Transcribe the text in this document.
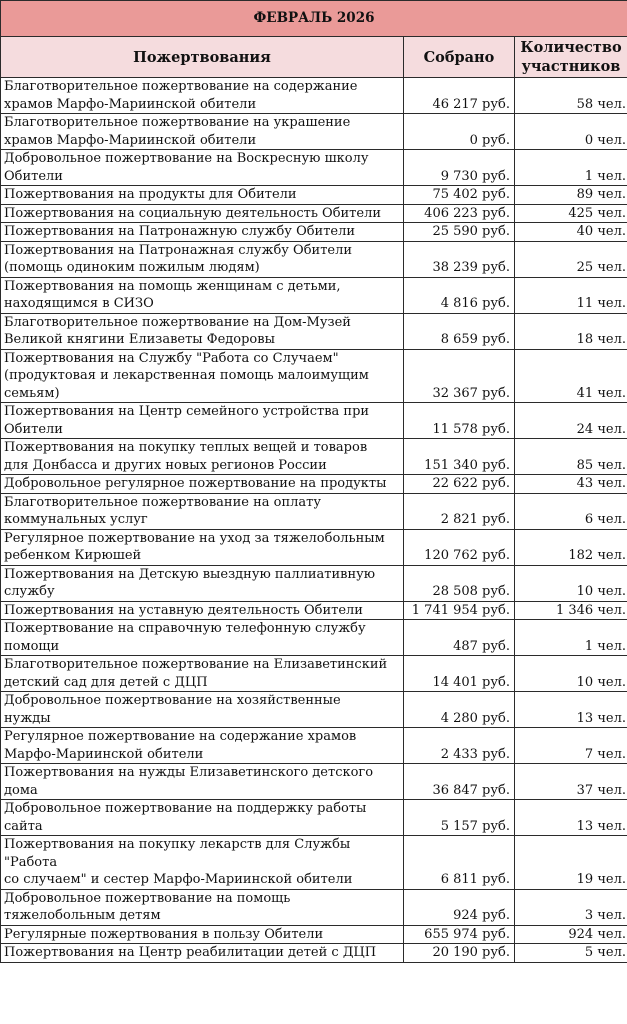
ФЕВРАЛЬ 2026		
Пожертвования	Собрано	Количество
участников
Благотворительное пожертвование на содержание
храмов Марфо-Мариинской обители	46 217 руб.	58 чел.
Благотворительное пожертвование на украшение
храмов Марфо-Мариинской обители	0 руб.	0 чел.
Добровольное пожертвование на Воскресную школу
Обители	9 730 руб.	1 чел.
Пожертвования на продукты для Обители	75 402 руб.	89 чел.
Пожертвования на социальную деятельность Обители	406 223 руб.	425 чел.
Пожертвования на Патронажную службу Обители	25 590 руб.	40 чел.
Пожертвования на Патронажная службу Обители
(помощь одиноким пожилым людям)	38 239 руб.	25 чел.
Пожертвования на помощь женщинам с детьми,
находящимся в СИЗО	4 816 руб.	11 чел.
Благотворительное пожертвование на Дом-Музей
Великой княгини Елизаветы Федоровы	8 659 руб.	18 чел.
Пожертвования на Службу "Работа со Случаем"
(продуктовая и лекарственная помощь малоимущим
семьям)	32 367 руб.	41 чел.
Пожертвования на Центр семейного устройства при
Обители	11 578 руб.	24 чел.
Пожертвования на покупку теплых вещей и товаров
для Донбасса и других новых регионов России	151 340 руб.	85 чел.
Добровольное регулярное пожертвование на продукты	22 622 руб.	43 чел.
Благотворительное пожертвование на оплату
коммунальных услуг	2 821 руб.	6 чел.
Регулярное пожертвование на уход за тяжелобольным
ребенком Кирюшей	120 762 руб.	182 чел.
Пожертвования на Детскую выездную паллиативную
службу	28 508 руб.	10 чел.
Пожертвования на уставную деятельность Обители	1 741 954 руб.	1 346 чел.
Пожертвование на справочную телефонную службу
помощи	487 руб.	1 чел.
Благотворительное пожертвование на Елизаветинский
детский сад для детей с ДЦП	14 401 руб.	10 чел.
Добровольное пожертвование на хозяйственные
нужды	4 280 руб.	13 чел.
Регулярное пожертвование на содержание храмов
Марфо-Мариинской обители	2 433 руб.	7 чел.
Пожертвования на нужды Елизаветинского детского
дома	36 847 руб.	37 чел.
Добровольное пожертвование на поддержку работы
сайта	5 157 руб.	13 чел.
Пожертвования на покупку лекарств для Службы
"Работа
со случаем" и сестер Марфо-Мариинской обители	6 811 руб.	19 чел.
Добровольное пожертвование на помощь
тяжелобольным детям	924 руб.	3 чел.
Регулярные пожертвования в пользу Обители	655 974 руб.	924 чел.
Пожертвования на Центр реабилитации детей с ДЦП	20 190 руб.	5 чел.
